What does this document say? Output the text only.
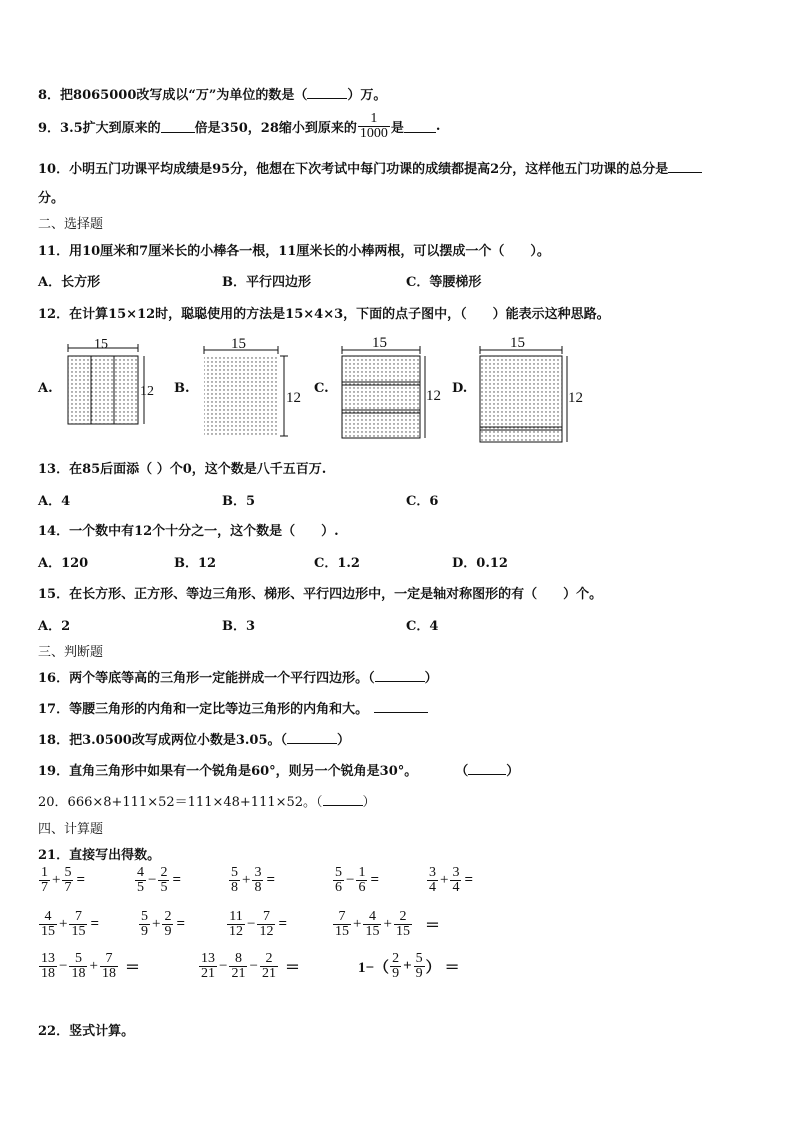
8．把8065000改写成以“万”为单位的数是（	）万。
9．3.5扩大到原来的	倍是350，28缩小到原来的 $\frac{1}{1000}$ 是 .
10．小明五门功课平均成绩是95分，他想在下次考试中每门功课的成绩都提高2分，这样他五门功课的总分是
分。
二、选择题
11．用10厘米和7厘米长的小棒各一根，11厘米长的小棒两根，可以摆成一个（　　）。
A．长方形	B．平行四边形	C．等腰梯形
12．在计算15×12时，聪聪使用的方法是15×4×3，下面的点子图中，（　　）能表示这种思路。
A.
15
12 B.
15
12
C.
15
12 D.
15
12
13．在85后面添（ ）个0，这个数是八千五百万.
A．4	B．5	C．6
14．一个数中有12个十分之一，这个数是（　　）.
A．120	B．12	C．1.2	D．0.12
15．在长方形、正方形、等边三角形、梯形、平行四边形中，一定是轴对称图形的有（　　）个。
A．2	B．3	C．4
三、判断题
16．两个等底等高的三角形一定能拼成一个平行四边形。（	）
17．等腰三角形的内角和一定比等边三角形的内角和大。
18．把3.0500改写成两位小数是3.05。（	）
19．直角三角形中如果有一个锐角是60°，则另一个锐角是30°。	（	）
20．666×8+111×52＝111×48+111×52。（	）
四、计算题
21．直接写出得数。
$\frac{1}{7} + \frac{5}{7}$ =	$\frac{4}{5} - \frac{2}{5}$ =	$\frac{5}{8} + \frac{3}{8}$ =	$\frac{5}{6} - \frac{1}{6}$ =	$\frac{3}{4} + \frac{3}{4}$ =
$\frac{4}{15} + \frac{7}{15}$ =	$\frac{5}{9} + \frac{2}{9}$ =	$\frac{11}{12} - \frac{7}{12}$ =	$\frac{7}{15} + \frac{4}{15} + \frac{2}{15}$ ＝
$\frac{13}{18} - \frac{5}{18} + \frac{7}{18}$ ＝	$\frac{13}{21} - \frac{8}{21} - \frac{2}{21}$ ＝	$1-( \frac{2}{9} + \frac{5}{9}$ ） ＝
22．竖式计算。
